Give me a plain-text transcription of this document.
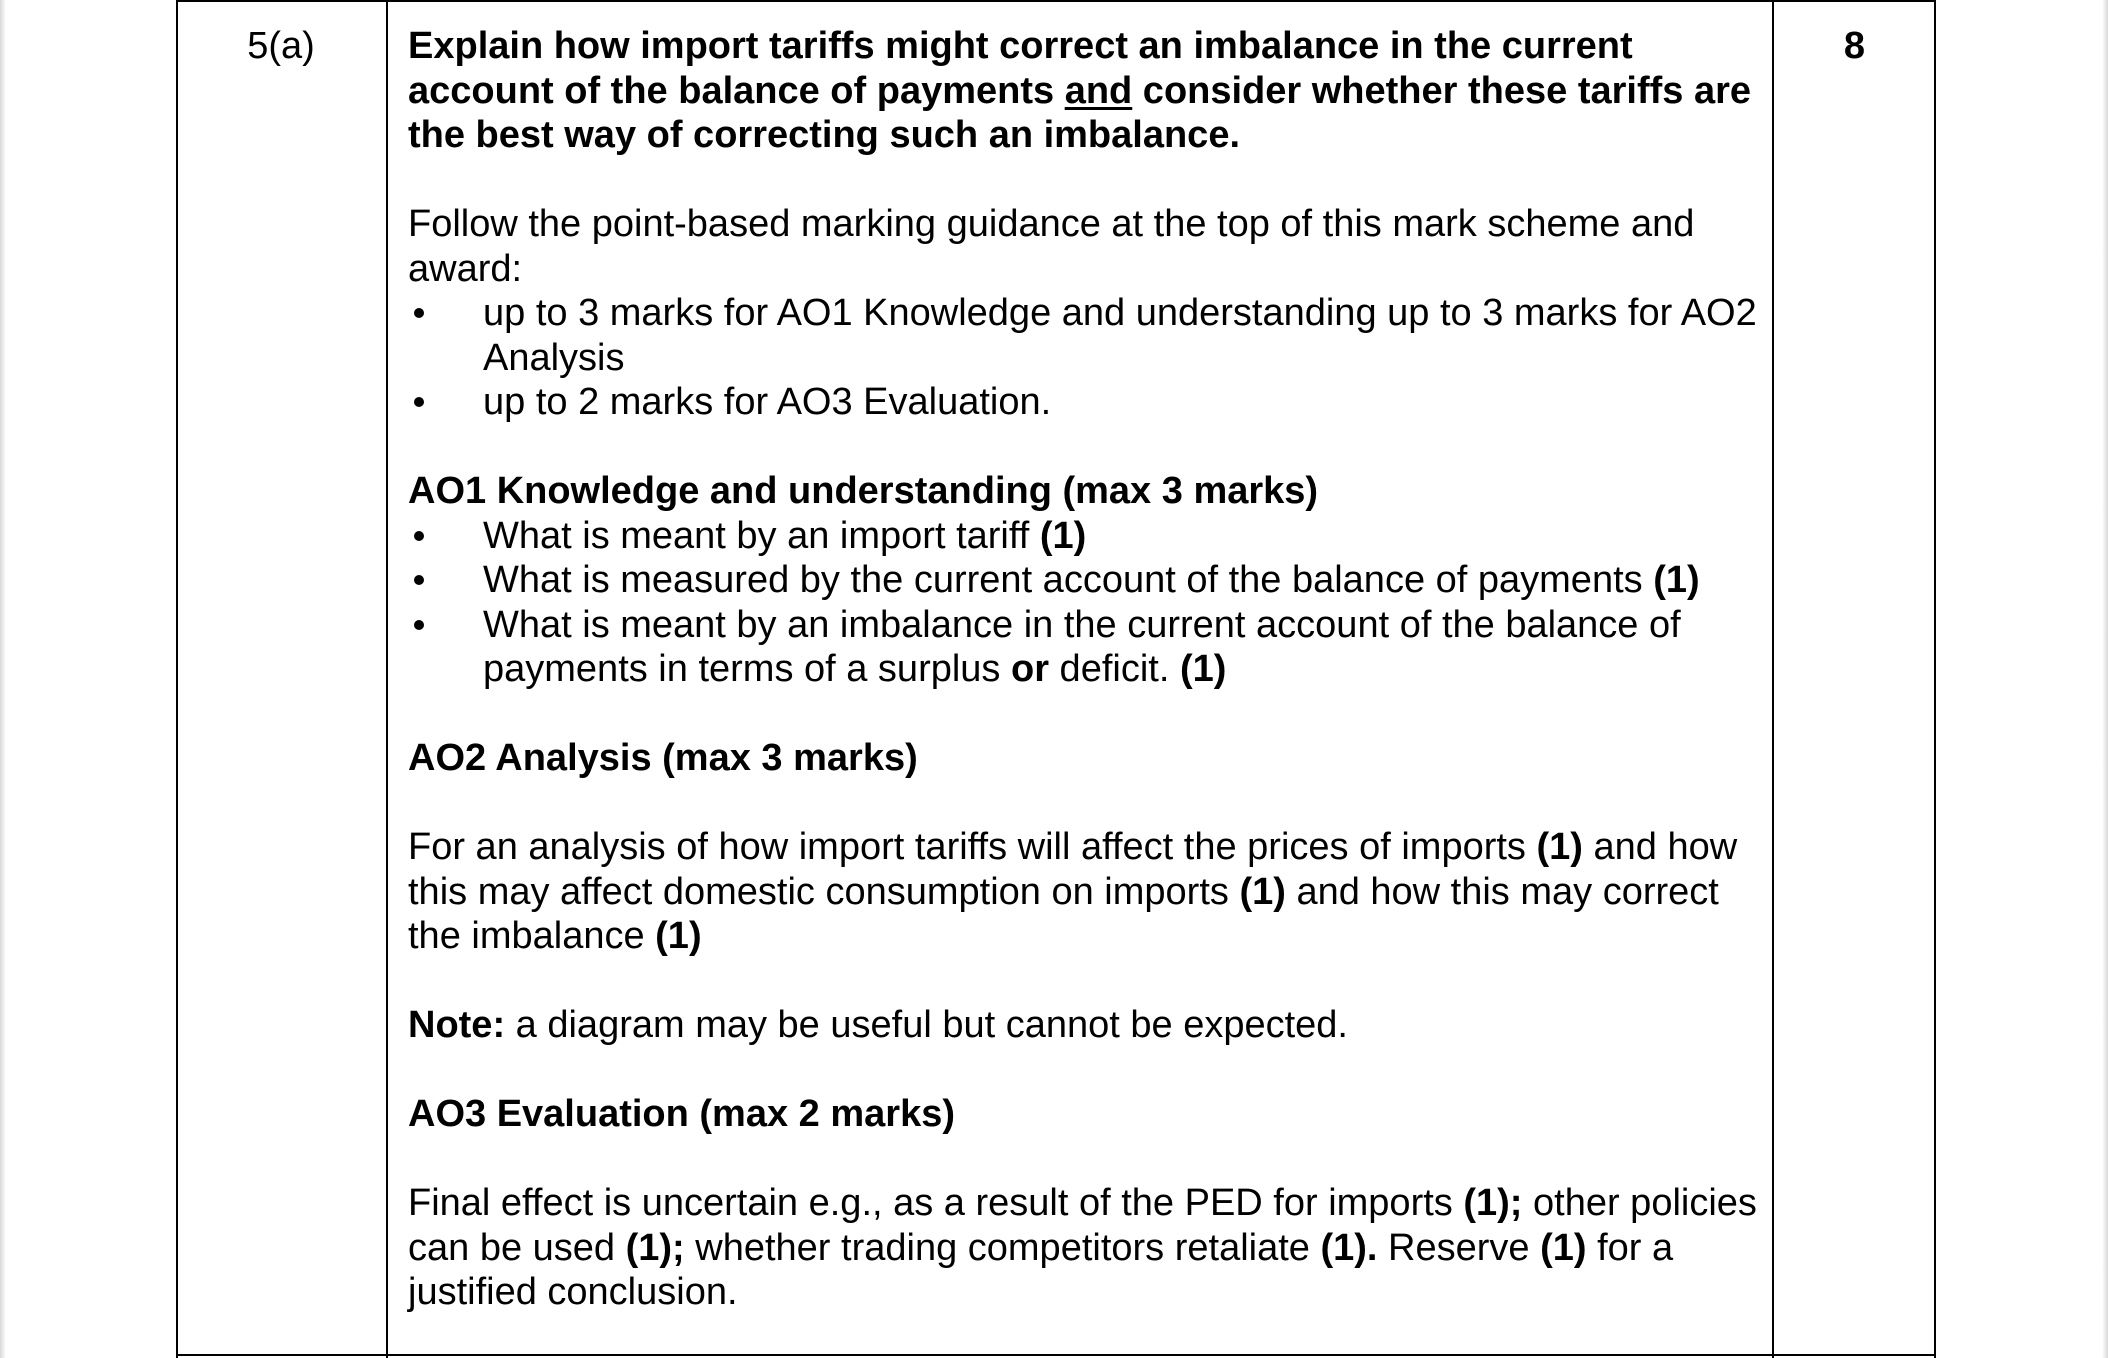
5(a)	8

Explain how import tariffs might correct an imbalance in the current account of the balance of payments and consider whether these tariffs are the best way of correcting such an imbalance.

Follow the point-based marking guidance at the top of this mark scheme and award:

up to 3 marks for AO1 Knowledge and understanding up to 3 marks for AO2 Analysis
up to 2 marks for AO3 Evaluation.

AO1 Knowledge and understanding (max 3 marks)

What is meant by an import tariff (1)
What is measured by the current account of the balance of payments (1)
What is meant by an imbalance in the current account of the balance of payments in terms of a surplus or deficit. (1)

AO2 Analysis (max 3 marks)

For an analysis of how import tariffs will affect the prices of imports (1) and how this may affect domestic consumption on imports (1) and how this may correct the imbalance (1)

Note: a diagram may be useful but cannot be expected.

AO3 Evaluation (max 2 marks)

Final effect is uncertain e.g., as a result of the PED for imports (1); other policies can be used (1); whether trading competitors retaliate (1). Reserve (1) for a justified conclusion.
